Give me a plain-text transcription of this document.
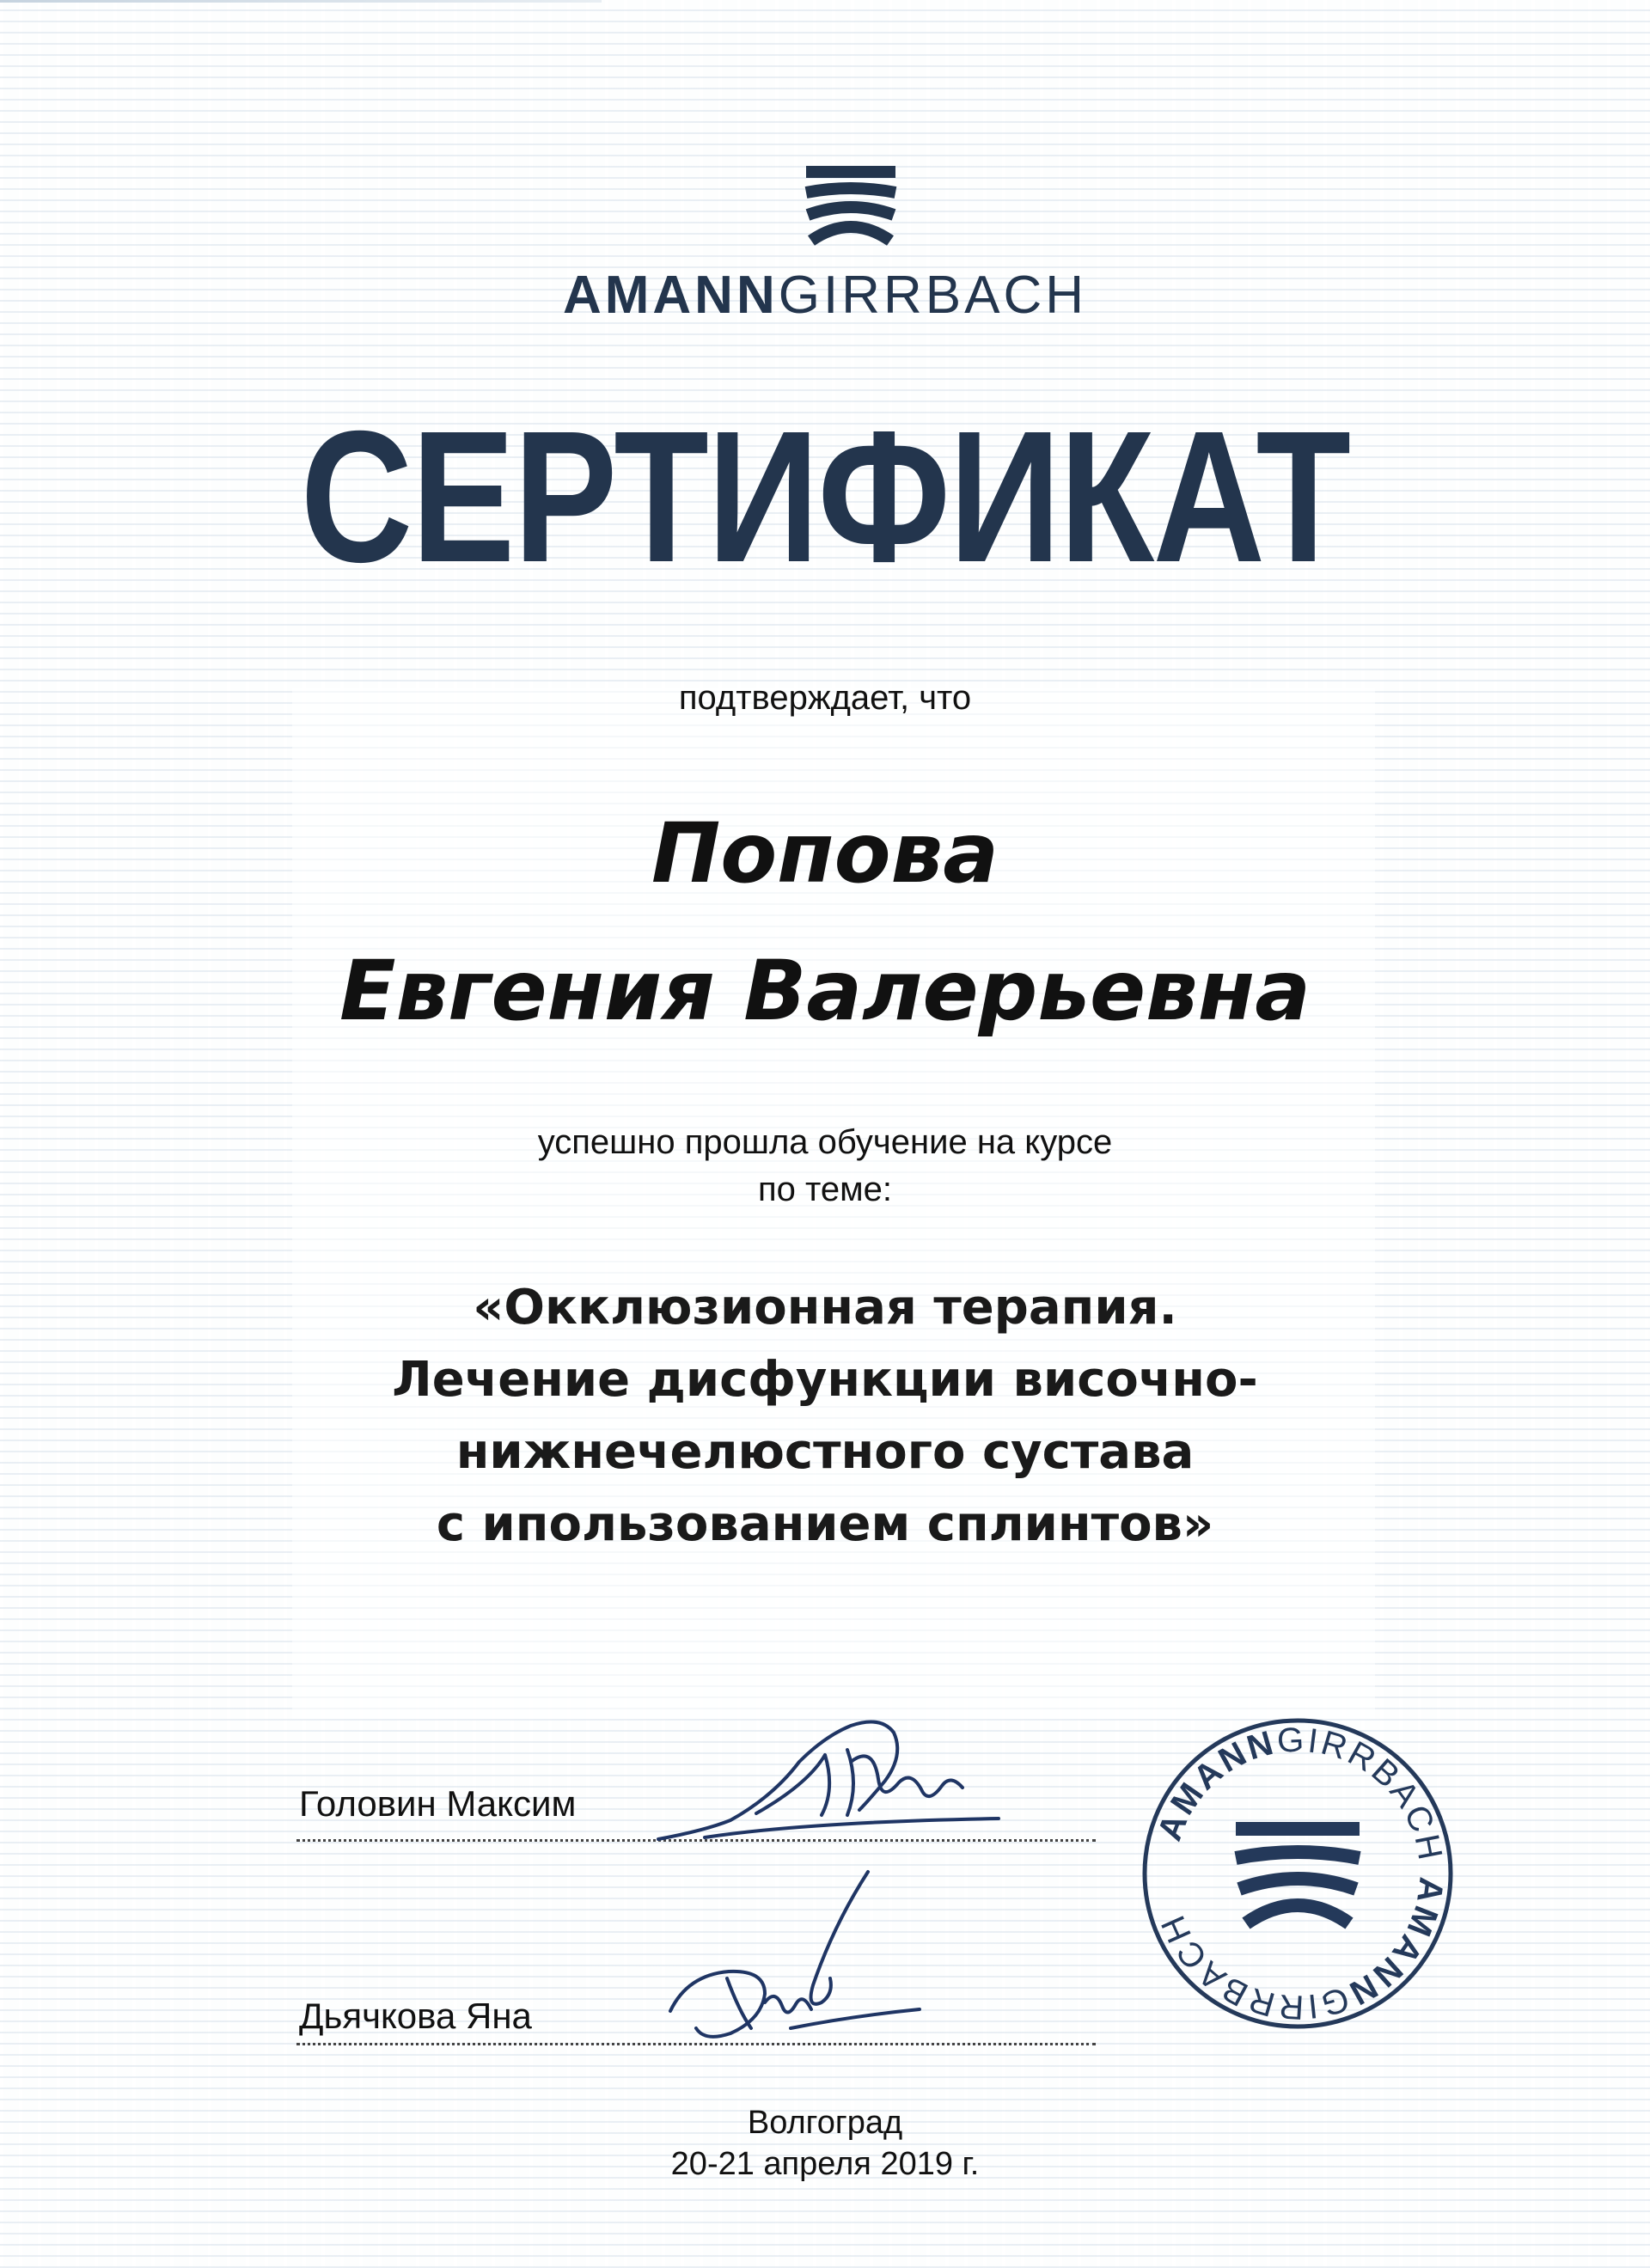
AMANNGIRRBACH
СЕРТИФИКАТ
подтверждает, что
Попова
Евгения Валерьевна
успешно прошла обучение на курсе
по теме:
«Окклюзионная терапия.
Лечение дисфункции височно-
нижнечелюстного сустава
с ипользованием сплинтов»
Головин Максим
Дьячкова Яна
AMANNGIRRBACH AMANNGIRRBACH
Волгоград
20-21 апреля 2019 г.
